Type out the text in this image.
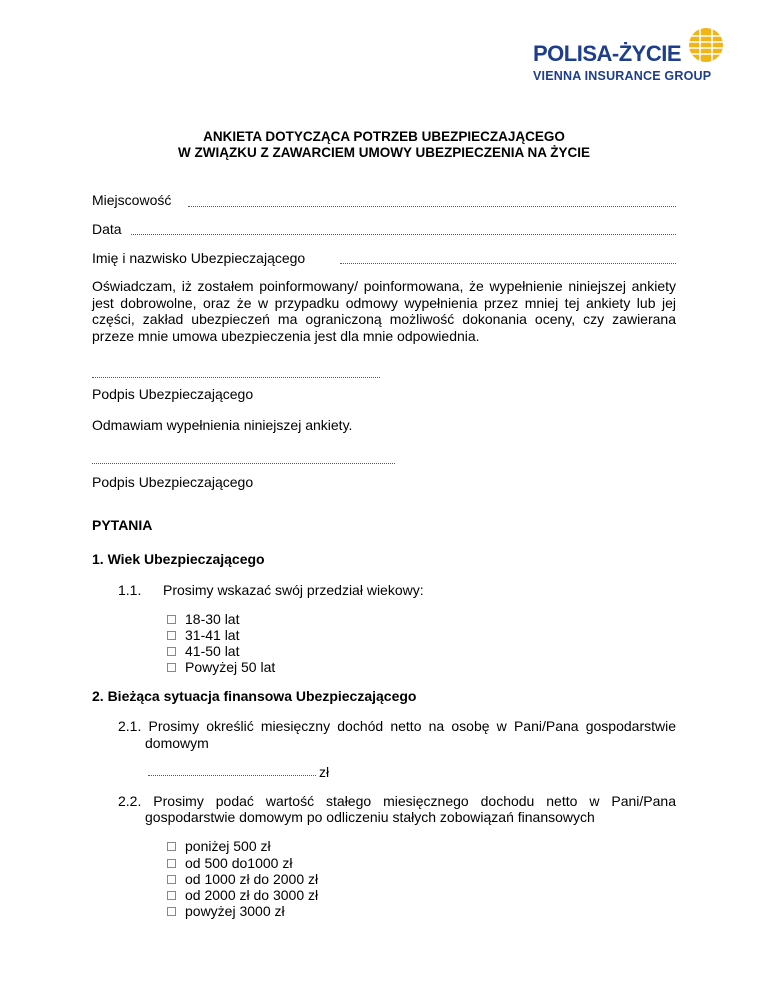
POLISA-ŻYCIE
VIENNA INSURANCE GROUP
ANKIETA DOTYCZĄCA POTRZEB UBEZPIECZAJĄCEGO
W ZWIĄZKU Z ZAWARCIEM UMOWY UBEZPIECZENIA NA ŻYCIE
Miejscowość
Data
Imię i nazwisko Ubezpieczającego
Oświadczam, iż zostałem poinformowany/ poinformowana, że wypełnienie niniejszej ankiety jest dobrowolne, oraz że w przypadku odmowy wypełnienia przez mniej tej ankiety lub jej części, zakład ubezpieczeń ma ograniczoną możliwość dokonania oceny, czy zawierana przeze mnie umowa ubezpieczenia jest dla mnie odpowiednia.
Podpis Ubezpieczającego
Odmawiam wypełnienia niniejszej ankiety.
Podpis Ubezpieczającego
PYTANIA
1. Wiek Ubezpieczającego
1.1. Prosimy wskazać swój przedział wiekowy:
18-30 lat
31-41 lat
41-50 lat
Powyżej 50 lat
2. Bieżąca sytuacja finansowa Ubezpieczającego
2.1. Prosimy określić miesięczny dochód netto na osobę w Pani/Pana gospodarstwie
domowym
zł
2.2. Prosimy podać wartość stałego miesięcznego dochodu netto w Pani/Pana
gospodarstwie domowym po odliczeniu stałych zobowiązań finansowych
poniżej 500 zł
od 500 do1000 zł
od 1000 zł do 2000 zł
od 2000 zł do 3000 zł
powyżej 3000 zł
